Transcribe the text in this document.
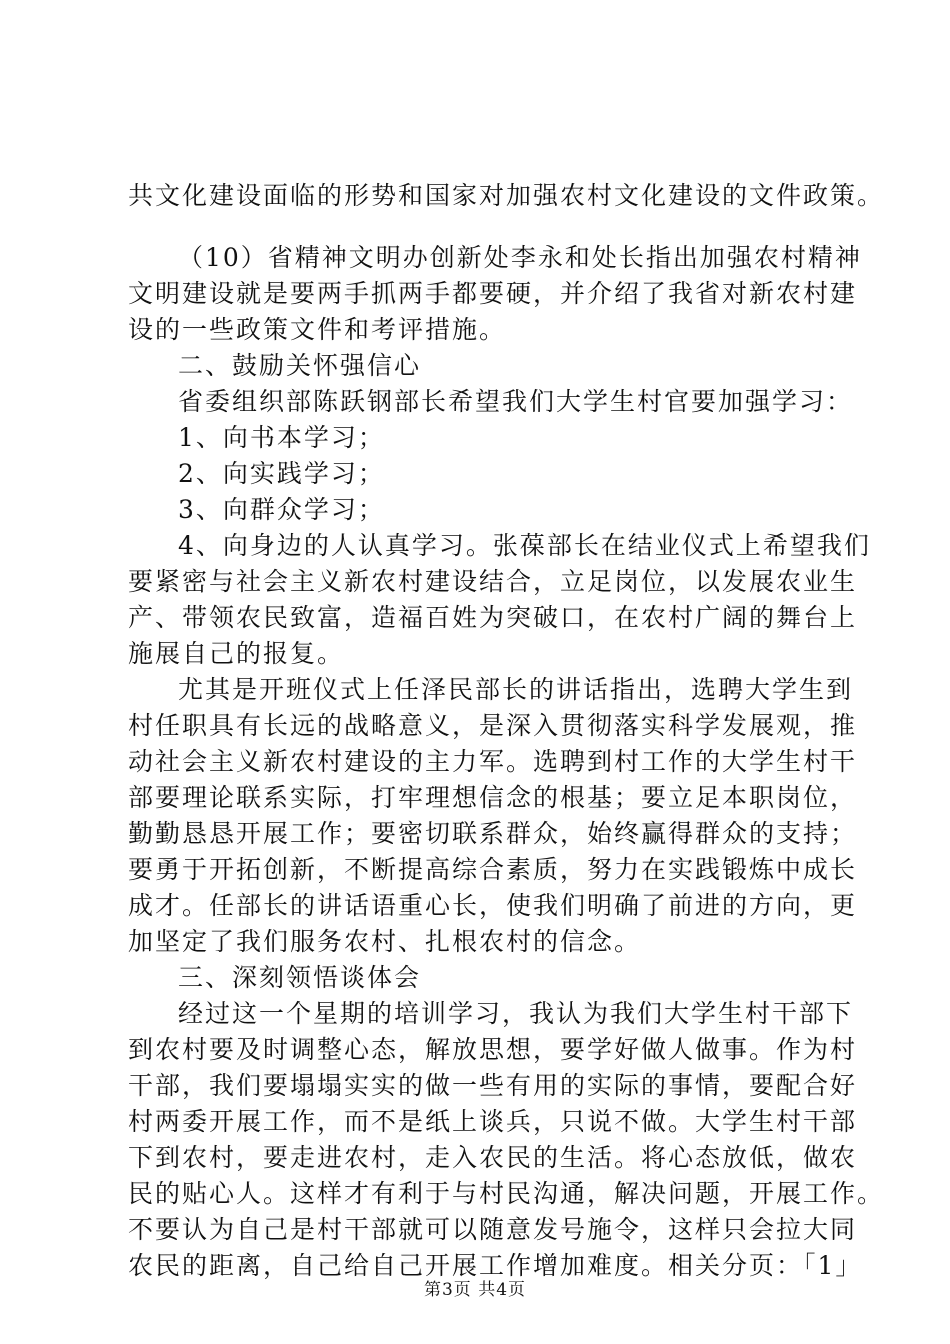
共文化建设面临的形势和国家对加强农村文化建设的文件政策。
（10）省精神文明办创新处李永和处长指出加强农村精神
文明建设就是要两手抓两手都要硬，并介绍了我省对新农村建
设的一些政策文件和考评措施。
二、鼓励关怀强信心
省委组织部陈跃钢部长希望我们大学生村官要加强学习：
1、向书本学习；
2、向实践学习；
3、向群众学习；
4、向身边的人认真学习。张葆部长在结业仪式上希望我们
要紧密与社会主义新农村建设结合，立足岗位，以发展农业生
产、带领农民致富，造福百姓为突破口，在农村广阔的舞台上
施展自己的报复。
尤其是开班仪式上任泽民部长的讲话指出，选聘大学生到
村任职具有长远的战略意义，是深入贯彻落实科学发展观，推
动社会主义新农村建设的主力军。选聘到村工作的大学生村干
部要理论联系实际，打牢理想信念的根基；要立足本职岗位，
勤勤恳恳开展工作；要密切联系群众，始终赢得群众的支持；
要勇于开拓创新，不断提高综合素质，努力在实践锻炼中成长
成才。任部长的讲话语重心长，使我们明确了前进的方向，更
加坚定了我们服务农村、扎根农村的信念。
三、深刻领悟谈体会
经过这一个星期的培训学习，我认为我们大学生村干部下
到农村要及时调整心态，解放思想，要学好做人做事。作为村
干部，我们要塌塌实实的做一些有用的实际的事情，要配合好
村两委开展工作，而不是纸上谈兵，只说不做。大学生村干部
下到农村，要走进农村，走入农民的生活。将心态放低，做农
民的贴心人。这样才有利于与村民沟通，解决问题，开展工作。
不要认为自己是村干部就可以随意发号施令，这样只会拉大同
农民的距离，自己给自己开展工作增加难度。相关分页：「1」
第3页 共4页
